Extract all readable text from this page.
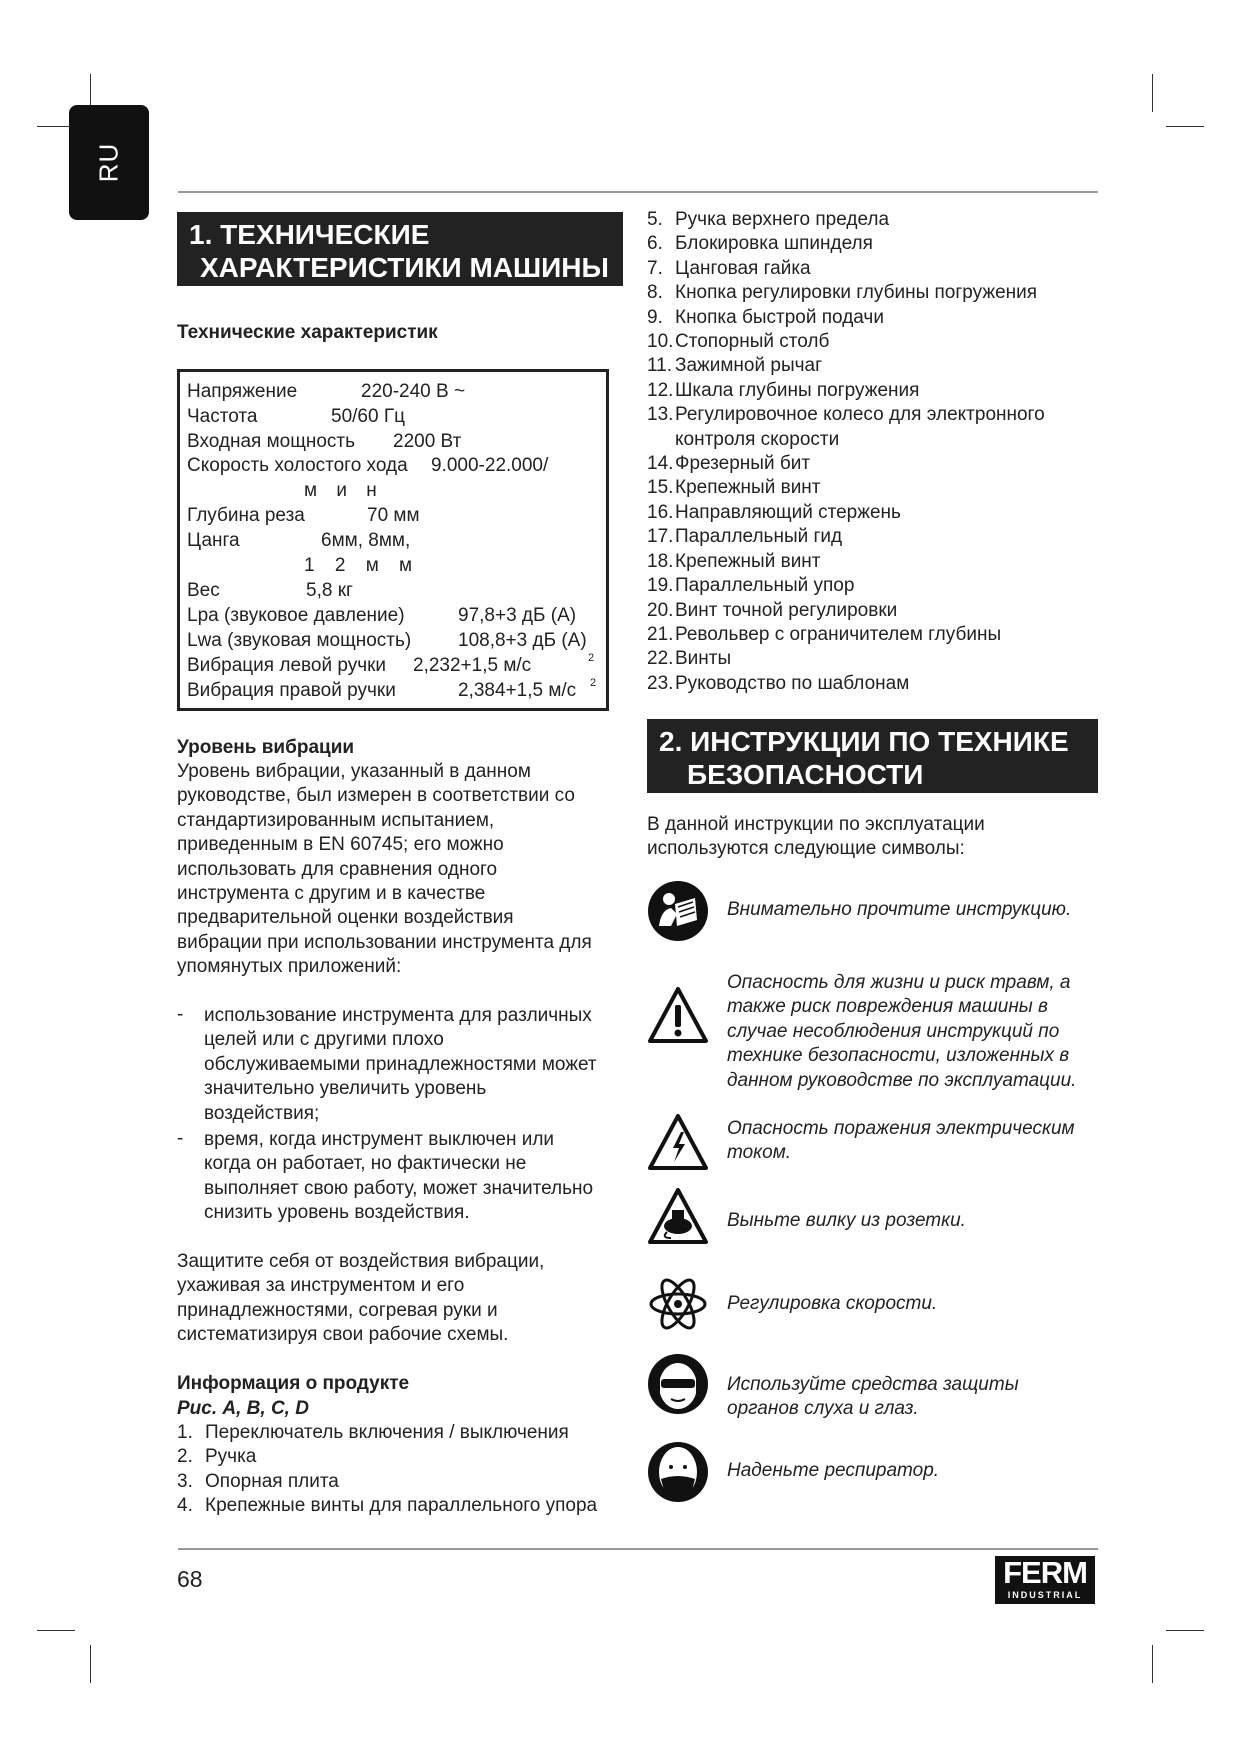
RU
1. ТЕХНИЧЕСКИЕ
ХАРАКТЕРИСТИКИ МАШИНЫ
Технические характеристик
Напряжение	220-240 В ~
Частота	50/60 Гц
Входная мощность 2200 Вт
Скорость холостого хода 9.000-22.000/
м и н
Глубина реза	70 мм
Цанга	6мм, 8мм,
1 2 м м
Вес	5,8 кг
Lpa (звуковое давление)	97,8+3 дБ (A)
Lwa (звуковая мощность) 108,8+3 дБ (A)
Вибрация левой ручки 2,232+1,5 м/с	2
Вибрация правой ручки	2,384+1,5 м/с 2
Уровень вибрации
Уровень вибрации, указанный в данном
руководстве, был измерен в соответствии со
стандартизированным испытанием,
приведенным в EN 60745; его можно
использовать для сравнения одного
инструмента с другим и в качестве
предварительной оценки воздействия
вибрации при использовании инструмента для
упомянутых приложений:
- использование инструмента для различных
целей или с другими плохо
обслуживаемыми принадлежностями может
значительно увеличить уровень
воздействия;
- время, когда инструмент выключен или
когда он работает, но фактически не
выполняет свою работу, может значительно
снизить уровень воздействия.
Защитите себя от воздействия вибрации,
ухаживая за инструментом и его
принадлежностями, согревая руки и
систематизируя свои рабочие схемы.
Информация о продукте
Рис. A, B, C, D
1. Переключатель включения / выключения
2. Ручка
3. Опорная плита
4. Крепежные винты для параллельного упора
5. Ручка верхнего предела
6. Блокировка шпинделя
7. Цанговая гайка
8. Кнопка регулировки глубины погружения
9. Кнопка быстрой подачи
10.Стопорный столб
11. Зажимной рычаг
12.Шкала глубины погружения
13.Регулировочное колесо для электронного
контроля скорости
14.Фрезерный бит
15.Крепежный винт
16.Направляющий стержень
17.Параллельный гид
18.Крепежный винт
19.Параллельный упор
20.Винт точной регулировки
21.Револьвер с ограничителем глубины
22.Винты
23.Руководство по шаблонам
2. ИНСТРУКЦИИ ПО ТЕХНИКЕ
БЕЗОПАСНОСТИ
В данной инструкции по эксплуатации
используются следующие символы:
Внимательно прочтите инструкцию.
Опасность для жизни и риск травм, а
также риск повреждения машины в
случае несоблюдения инструкций по
технике безопасности, изложенных в
данном руководстве по эксплуатации.
Опасность поражения электрическим
током.
Выньте вилку из розетки.
Регулировка скорости.
Используйте средства защиты
органов слуха и глаз.
Наденьте респиратор.
68	FERM
INDUSTRIAL
